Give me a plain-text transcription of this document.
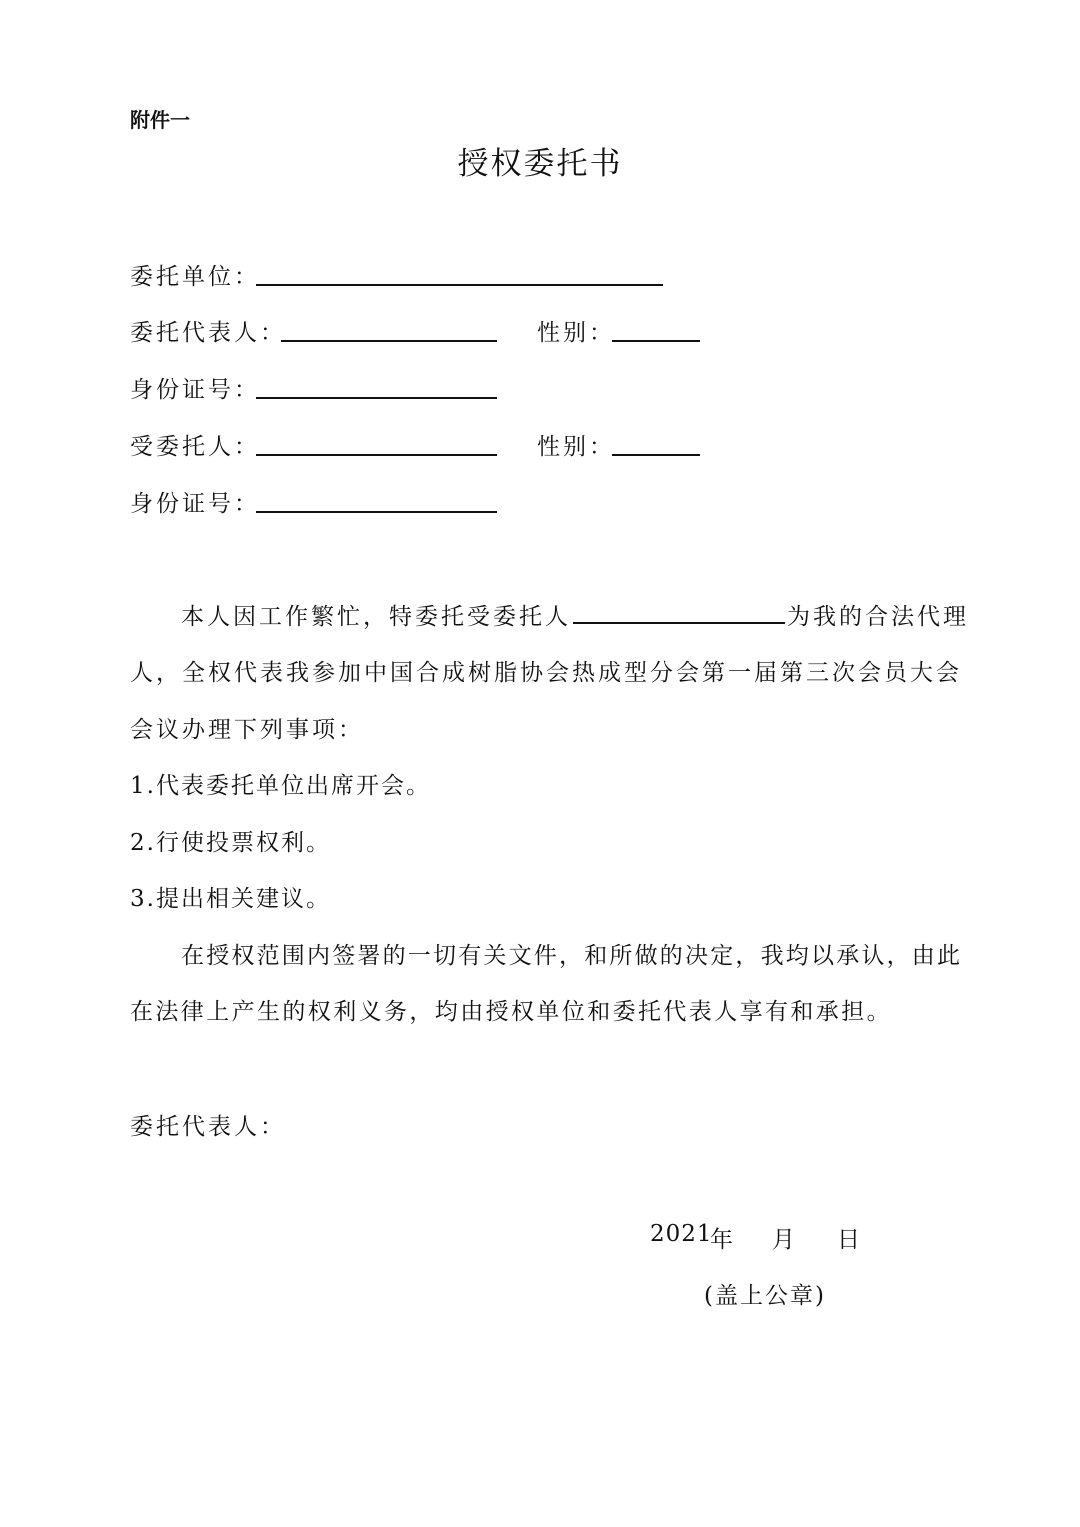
附件一
授权委托书
委托单位：
委托代表人：	性别：
身份证号：
受委托人：	性别：
身份证号：
本人因工作繁忙，特委托受委托人	为我的合法代理
人，全权代表我参加中国合成树脂协会热成型分会第一届第三次会员大会
会议办理下列事项：
1.代表委托单位出席开会。
2.行使投票权利。
3.提出相关建议。
在授权范围内签署的一切有关文件，和所做的决定，我均以承认，由此
在法律上产生的权利义务，均由授权单位和委托代表人享有和承担。
委托代表人：
2021
年 月 日
(盖上公章)
